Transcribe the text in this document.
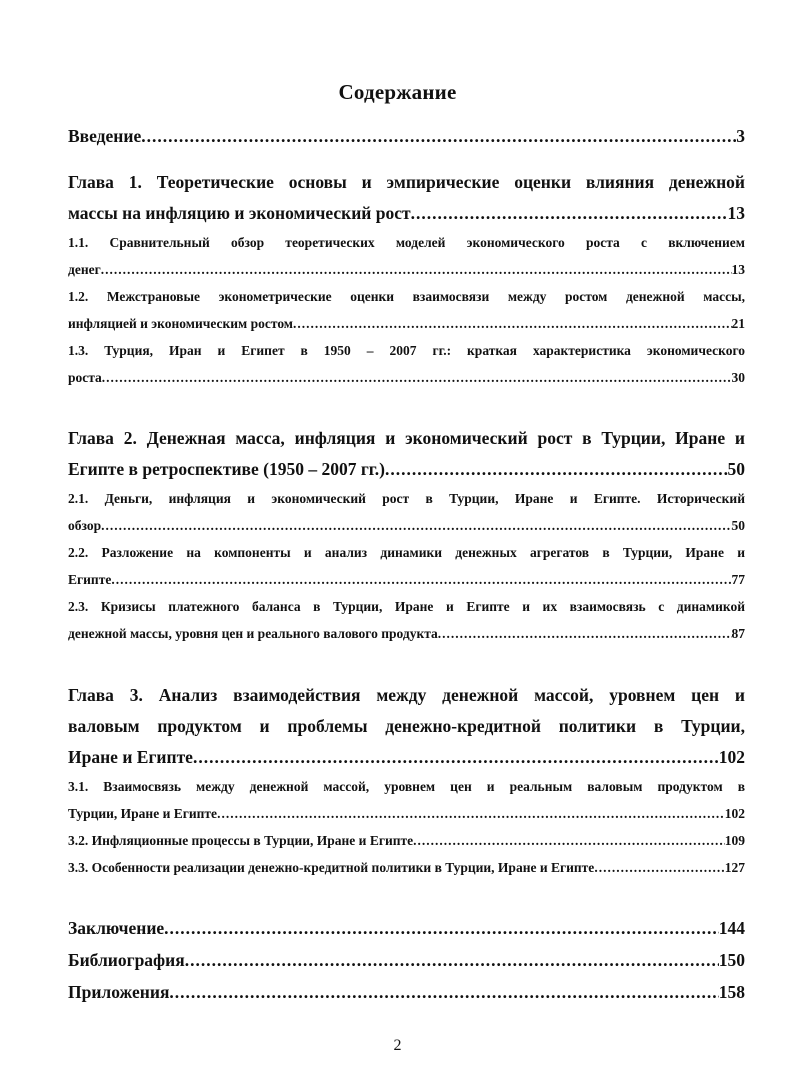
Содержание
Введение .....	3
Глава 1. Теоретические основы и эмпирические оценки влияния денежной
массы на инфляцию и экономический рост .....	13
1.1. Сравнительный обзор теоретических моделей экономического роста с включением
денег .....	13
1.2. Межстрановые эконометрические оценки взаимосвязи между ростом денежной массы,
инфляцией и экономическим ростом .....	21
1.3. Турция, Иран и Египет в 1950 – 2007 гг.: краткая характеристика экономического
роста .....	30
Глава 2. Денежная масса, инфляция и экономический рост в Турции, Иране и
Египте в ретроспективе (1950 – 2007 гг.) .....	50
2.1. Деньги, инфляция и экономический рост в Турции, Иране и Египте. Исторический
обзор .....	50
2.2. Разложение на компоненты и анализ динамики денежных агрегатов в Турции, Иране и
Египте .....	77
2.3. Кризисы платежного баланса в Турции, Иране и Египте и их взаимосвязь с динамикой
денежной массы, уровня цен и реального валового продукта .....	87
Глава 3. Анализ взаимодействия между денежной массой, уровнем цен и
валовым продуктом и проблемы денежно-кредитной политики в Турции,
Иране и Египте .....	102
3.1. Взаимосвязь между денежной массой, уровнем цен и реальным валовым продуктом в
Турции, Иране и Египте .....	102
3.2. Инфляционные процессы в Турции, Иране и Египте .....	109
3.3. Особенности реализации денежно-кредитной политики в Турции, Иране и Египте .....	127
Заключение .....	144
Библиография .....	150
Приложения .....	158
2
